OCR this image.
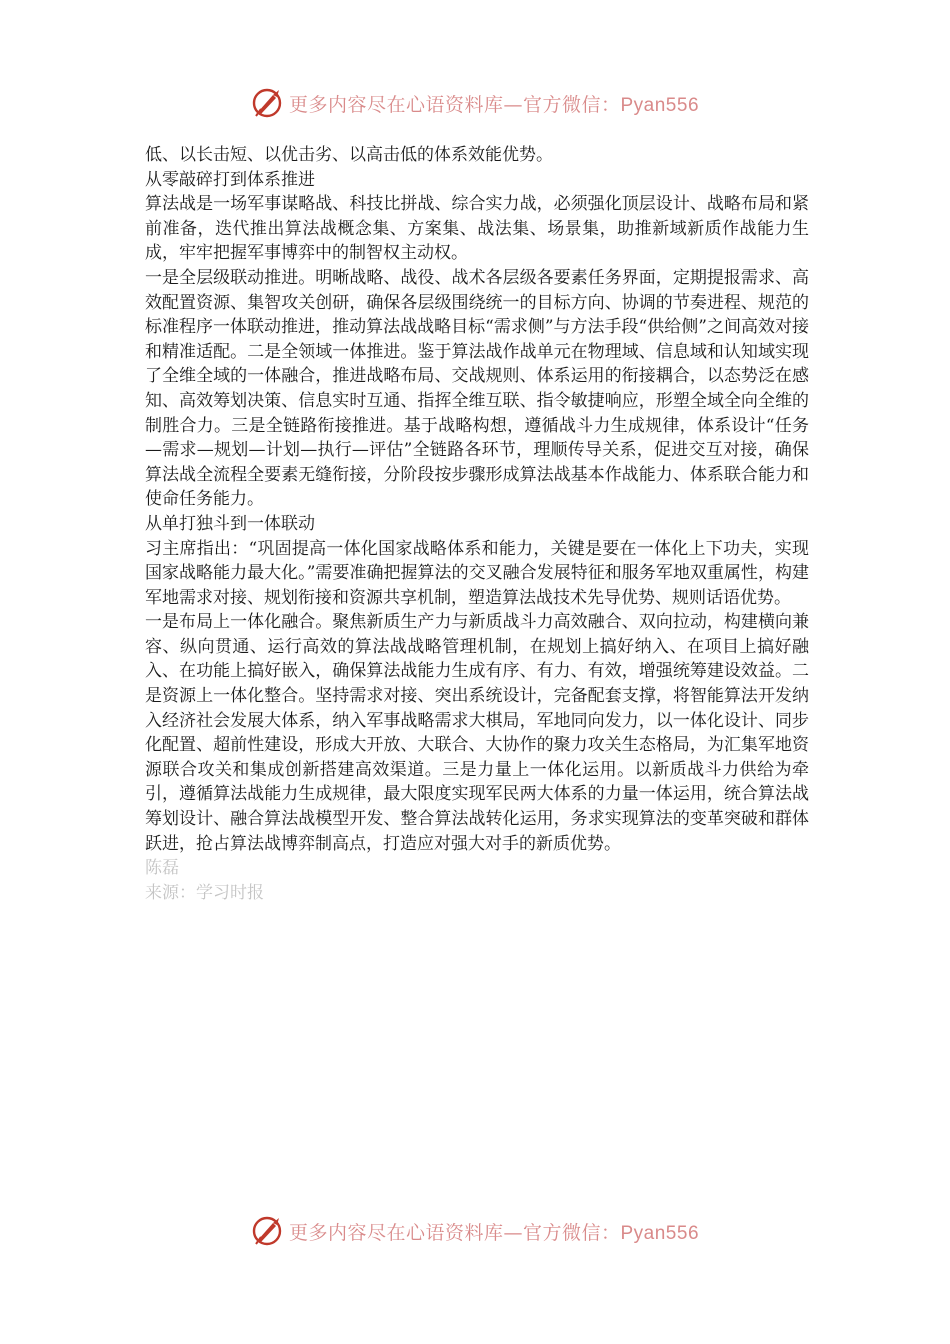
更多内容尽在心语资料库—官方微信：Pyan556

低、以长击短、以优击劣、以高击低的体系效能优势。

从零敲碎打到体系推进

算法战是一场军事谋略战、科技比拼战、综合实力战，必须强化顶层设计、战略布局和紧前准备，迭代推出算法战概念集、方案集、战法集、场景集，助推新域新质作战能力生成，牢牢把握军事博弈中的制智权主动权。

一是全层级联动推进。明晰战略、战役、战术各层级各要素任务界面，定期提报需求、高效配置资源、集智攻关创研，确保各层级围绕统一的目标方向、协调的节奏进程、规范的标准程序一体联动推进，推动算法战战略目标“需求侧”与方法手段“供给侧”之间高效对接和精准适配。二是全领域一体推进。鉴于算法战作战单元在物理域、信息域和认知域实现了全维全域的一体融合，推进战略布局、交战规则、体系运用的衔接耦合，以态势泛在感知、高效筹划决策、信息实时互通、指挥全维互联、指令敏捷响应，形塑全域全向全维的制胜合力。三是全链路衔接推进。基于战略构想，遵循战斗力生成规律，体系设计“任务—需求—规划—计划—执行—评估”全链路各环节，理顺传导关系，促进交互对接，确保算法战全流程全要素无缝衔接，分阶段按步骤形成算法战基本作战能力、体系联合能力和使命任务能力。

从单打独斗到一体联动

习主席指出：“巩固提高一体化国家战略体系和能力，关键是要在一体化上下功夫，实现国家战略能力最大化。”需要准确把握算法的交叉融合发展特征和服务军地双重属性，构建军地需求对接、规划衔接和资源共享机制，塑造算法战技术先导优势、规则话语优势。

一是布局上一体化融合。聚焦新质生产力与新质战斗力高效融合、双向拉动，构建横向兼容、纵向贯通、运行高效的算法战战略管理机制，在规划上搞好纳入、在项目上搞好融入、在功能上搞好嵌入，确保算法战能力生成有序、有力、有效，增强统筹建设效益。二是资源上一体化整合。坚持需求对接、突出系统设计，完备配套支撑，将智能算法开发纳入经济社会发展大体系，纳入军事战略需求大棋局，军地同向发力，以一体化设计、同步化配置、超前性建设，形成大开放、大联合、大协作的聚力攻关生态格局，为汇集军地资源联合攻关和集成创新搭建高效渠道。三是力量上一体化运用。以新质战斗力供给为牵引，遵循算法战能力生成规律，最大限度实现军民两大体系的力量一体运用，统合算法战筹划设计、融合算法战模型开发、整合算法战转化运用，务求实现算法的变革突破和群体跃进，抢占算法战博弈制高点，打造应对强大对手的新质优势。

陈磊

来源：学习时报

更多内容尽在心语资料库—官方微信：Pyan556
